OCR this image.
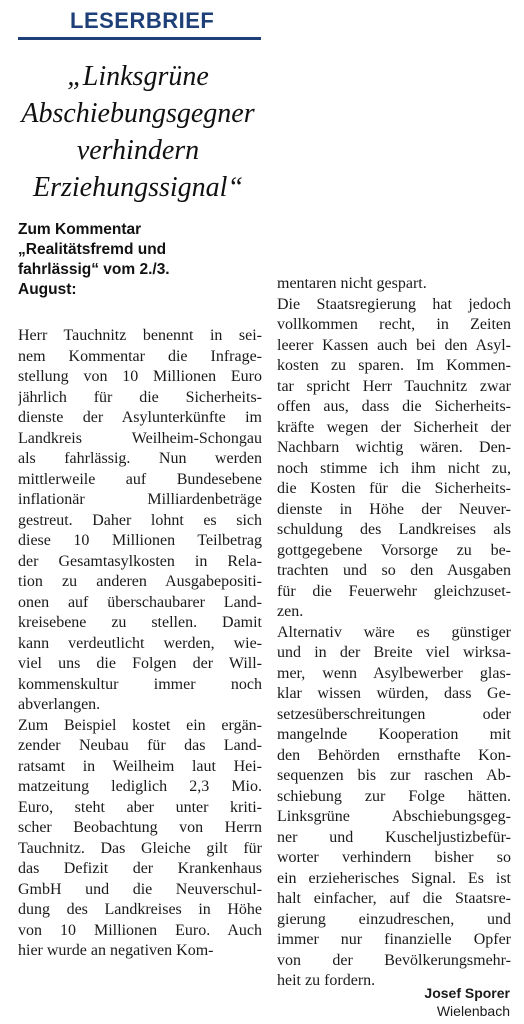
LESERBRIEF
„Linksgrüne
Abschiebungsgegner
verhindern
Erziehungssignal“
Zum Kommentar
„Realitätsfremd und
fahrlässig“ vom 2./3.
August:
Herr Tauchnitz benennt in sei-
nem Kommentar die Infrage-
stellung von 10 Millionen Euro
jährlich für die Sicherheits-
dienste der Asylunterkünfte im
Landkreis Weilheim-Schongau
als fahrlässig. Nun werden
mittlerweile auf Bundesebene
inflationär Milliardenbeträge
gestreut. Daher lohnt es sich
diese 10 Millionen Teilbetrag
der Gesamtasylkosten in Rela-
tion zu anderen Ausgabepositi-
onen auf überschaubarer Land-
kreisebene zu stellen. Damit
kann verdeutlicht werden, wie-
viel uns die Folgen der Will-
kommenskultur immer noch
abverlangen.
Zum Beispiel kostet ein ergän-
zender Neubau für das Land-
ratsamt in Weilheim laut Hei-
matzeitung lediglich 2,3 Mio.
Euro, steht aber unter kriti-
scher Beobachtung von Herrn
Tauchnitz. Das Gleiche gilt für
das Defizit der Krankenhaus
GmbH und die Neuverschul-
dung des Landkreises in Höhe
von 10 Millionen Euro. Auch
hier wurde an negativen Kom-
mentaren nicht gespart.
Die Staatsregierung hat jedoch
vollkommen recht, in Zeiten
leerer Kassen auch bei den Asyl-
kosten zu sparen. Im Kommen-
tar spricht Herr Tauchnitz zwar
offen aus, dass die Sicherheits-
kräfte wegen der Sicherheit der
Nachbarn wichtig wären. Den-
noch stimme ich ihm nicht zu,
die Kosten für die Sicherheits-
dienste in Höhe der Neuver-
schuldung des Landkreises als
gottgegebene Vorsorge zu be-
trachten und so den Ausgaben
für die Feuerwehr gleichzuset-
zen.
Alternativ wäre es günstiger
und in der Breite viel wirksa-
mer, wenn Asylbewerber glas-
klar wissen würden, dass Ge-
setzesüberschreitungen oder
mangelnde Kooperation mit
den Behörden ernsthafte Kon-
sequenzen bis zur raschen Ab-
schiebung zur Folge hätten.
Linksgrüne Abschiebungsgeg-
ner und Kuscheljustizbefür-
worter verhindern bisher so
ein erzieherisches Signal. Es ist
halt einfacher, auf die Staatsre-
gierung einzudreschen, und
immer nur finanzielle Opfer
von der Bevölkerungsmehr-
heit zu fordern.
Josef Sporer
Wielenbach
